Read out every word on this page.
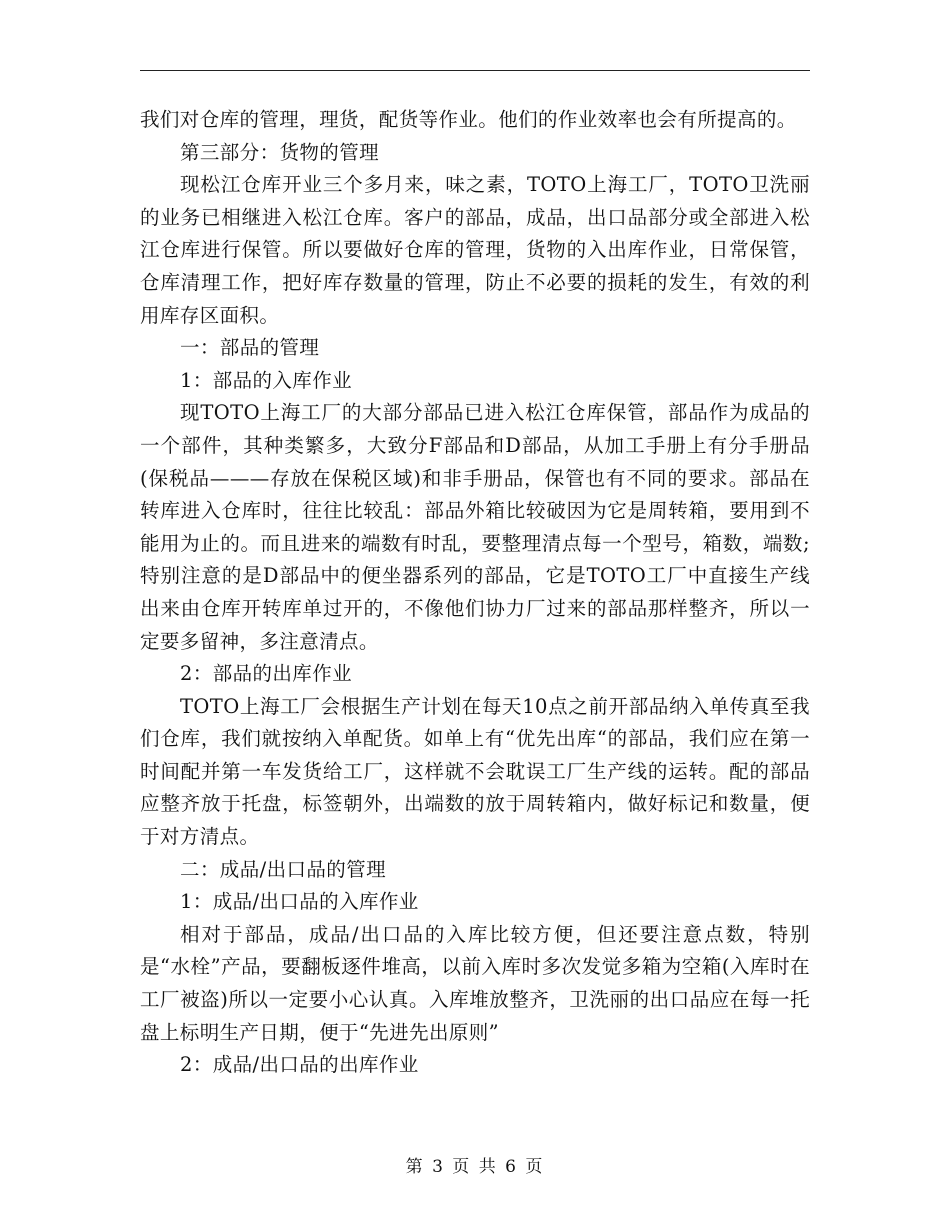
我们对仓库的管理，理货，配货等作业。他们的作业效率也会有所提高的。

第三部分：货物的管理

现松江仓库开业三个多月来，味之素，TOTO上海工厂，TOTO卫洗丽的业务已相继进入松江仓库。客户的部品，成品，出口品部分或全部进入松江仓库进行保管。所以要做好仓库的管理，货物的入出库作业，日常保管，仓库清理工作，把好库存数量的管理，防止不必要的损耗的发生，有效的利用库存区面积。

一：部品的管理

1：部品的入库作业

现TOTO上海工厂的大部分部品已进入松江仓库保管，部品作为成品的一个部件，其种类繁多，大致分F部品和D部品，从加工手册上有分手册品(保税品———存放在保税区域)和非手册品，保管也有不同的要求。部品在转库进入仓库时，往往比较乱：部品外箱比较破因为它是周转箱，要用到不能用为止的。而且进来的端数有时乱，要整理清点每一个型号，箱数，端数;特别注意的是D部品中的便坐器系列的部品，它是TOTO工厂中直接生产线出来由仓库开转库单过开的，不像他们协力厂过来的部品那样整齐，所以一定要多留神，多注意清点。

2：部品的出库作业

TOTO上海工厂会根据生产计划在每天10点之前开部品纳入单传真至我们仓库，我们就按纳入单配货。如单上有“优先出库“的部品，我们应在第一时间配并第一车发货给工厂，这样就不会耽误工厂生产线的运转。配的部品应整齐放于托盘，标签朝外，出端数的放于周转箱内，做好标记和数量，便于对方清点。

二：成品/出口品的管理

1：成品/出口品的入库作业

相对于部品，成品/出口品的入库比较方便，但还要注意点数，特别是“水栓”产品，要翻板逐件堆高，以前入库时多次发觉多箱为空箱(入库时在工厂被盗)所以一定要小心认真。入库堆放整齐，卫洗丽的出口品应在每一托盘上标明生产日期，便于“先进先出原则”

2：成品/出口品的出库作业

第 3 页 共 6 页
